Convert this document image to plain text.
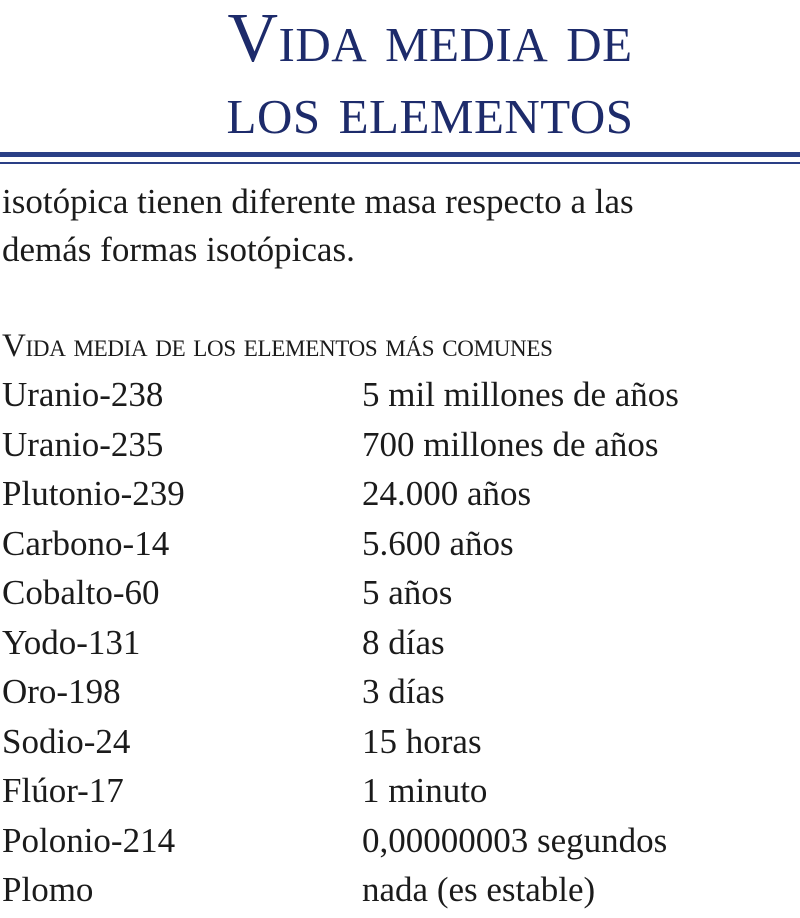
Vida media de
los elementos

isotópica tienen diferente masa respecto a las

demás formas isotópicas.

Vida media de los elementos más comunes
Uranio-238	5 mil millones de años
Uranio-235	700 millones de años
Plutonio-239	24.000 años
Carbono-14	5.600 años
Cobalto-60	5 años
Yodo-131	8 días
Oro-198	3 días
Sodio-24	15 horas
Flúor-17	1 minuto
Polonio-214	0,00000003 segundos
Plomo	nada (es estable)
